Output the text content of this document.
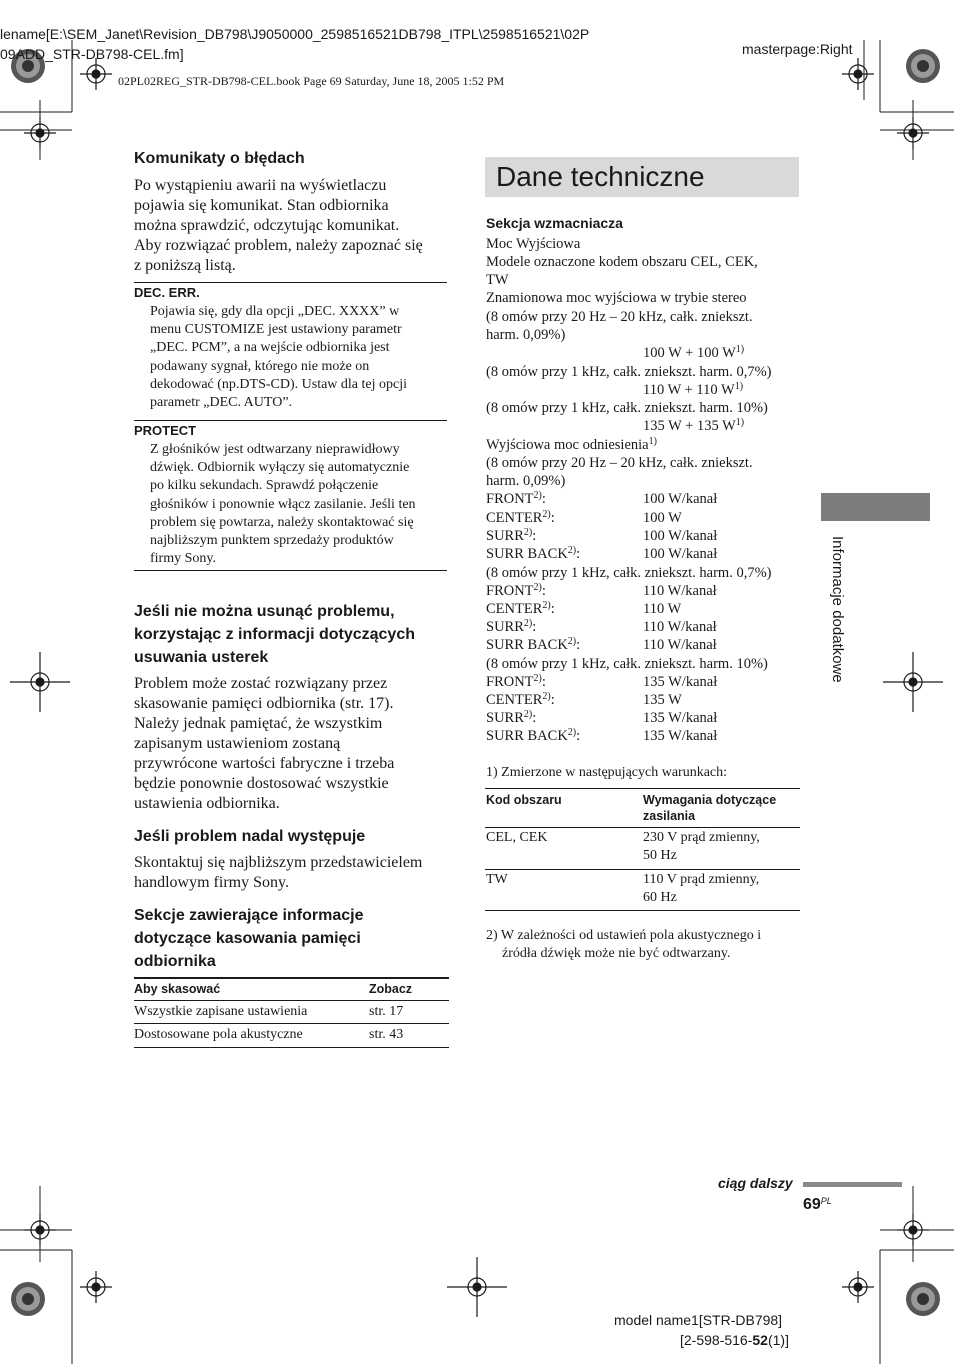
lename[E:\SEM_Janet\Revision_DB798\J9050000_2598516521DB798_ITPL\2598516521\02P
09ADD_STR-DB798-CEL.fm]	masterpage:Right
02PL02REG_STR-DB798-CEL.book Page 69 Saturday, June 18, 2005 1:52 PM
Komunikaty o błędach
Po wystąpieniu awarii na wyświetlaczu
pojawia się komunikat. Stan odbiornika
można sprawdzić, odczytując komunikat.
Aby rozwiązać problem, należy zapoznać się
z poniższą listą.
DEC. ERR.
Pojawia się, gdy dla opcji „DEC. XXXX” w
menu CUSTOMIZE jest ustawiony parametr
„DEC. PCM”, a na wejście odbiornika jest
podawany sygnał, którego nie może on
dekodować (np.DTS-CD). Ustaw dla tej opcji
parametr „DEC. AUTO”.
PROTECT
Z głośników jest odtwarzany nieprawidłowy
dźwięk. Odbiornik wyłączy się automatycznie
po kilku sekundach. Sprawdź połączenie
głośników i ponownie włącz zasilanie. Jeśli ten
problem się powtarza, należy skontaktować się
najbliższym punktem sprzedaży produktów
firmy Sony.
Jeśli nie można usunąć problemu,
korzystając z informacji dotyczących
usuwania usterek
Problem może zostać rozwiązany przez
skasowanie pamięci odbiornika (str. 17).
Należy jednak pamiętać, że wszystkim
zapisanym ustawieniom zostaną
przywrócone wartości fabryczne i trzeba
będzie ponownie dostosować wszystkie
ustawienia odbiornika.
Jeśli problem nadal występuje
Skontaktuj się najbliższym przedstawicielem
handlowym firmy Sony.
Sekcje zawierające informacje
dotyczące kasowania pamięci
odbiornika
Aby skasować	Zobacz
Wszystkie zapisane ustawienia	str. 17
Dostosowane pola akustyczne	str. 43
Dane techniczne
Sekcja wzmacniacza
Moc Wyjściowa
Modele oznaczone kodem obszaru CEL, CEK,
TW
Znamionowa moc wyjściowa w trybie stereo
(8 omów przy 20 Hz – 20 kHz, całk. zniekszt.
harm. 0,09%)
100 W + 100 $W^{1)}$
(8 omów przy 1 kHz, całk. zniekszt. harm. 0,7%)
110 W + 110 $W^{1)}$
(8 omów przy 1 kHz, całk. zniekszt. harm. 10%)
135 W + 135 $W^{1)}$
Wyjściowa moc odniesienia$^{1)}$
(8 omów przy 20 Hz – 20 kHz, całk. zniekszt.
harm. 0,09%)
FRONT$^{2)}$:	100 W/kanał
CENTER$^{2)}$:	100 W
SURR$^{2)}$:	100 W/kanał
SURR BACK$^{2)}$:	100 W/kanał
(8 omów przy 1 kHz, całk. zniekszt. harm. 0,7%)
FRONT$^{2)}$:	110 W/kanał
CENTER$^{2)}$:	110 W
SURR$^{2)}$:	110 W/kanał
SURR BACK$^{2)}$:	110 W/kanał
(8 omów przy 1 kHz, całk. zniekszt. harm. 10%)
FRONT$^{2)}$:	135 W/kanał
CENTER$^{2)}$:	135 W
SURR$^{2)}$:	135 W/kanał
SURR BACK$^{2)}$:	135 W/kanał
1) Zmierzone w następujących warunkach:
Kod obszaru	Wymagania dotyczące
zasilania
CEL, CEK	230 V prąd zmienny,
50 Hz
TW	110 V prąd zmienny,
60 Hz
2) W zależności od ustawień pola akustycznego i
źródła dźwięk może nie być odtwarzany.
Informacje dodatkowe
ciąg dalszy
$69^{PL}$
model name1[STR-DB798]
[2-598-516-52(1)]
